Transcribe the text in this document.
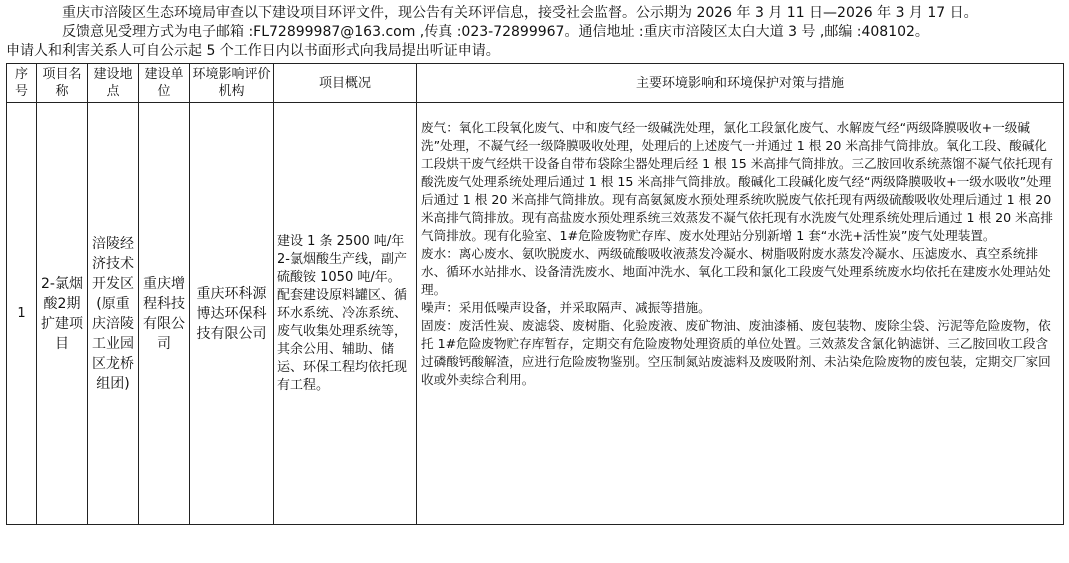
重庆市涪陵区生态环境局审查以下建设项目环评文件，现公告有关环评信息，接受社会监督。公示期为 2026 年 3 月 11 日—2026 年 3 月 17 日。

反馈意见受理方式为电子邮箱 :FL72899987@163.com ,传真 :023-72899967。通信地址 :重庆市涪陵区太白大道 3 号 ,邮编 :408102。

申请人和利害关系人可自公示起 5 个工作日内以书面形式向我局提出听证申请。

序号	项目名称	建设地点	建设单位	环境影响评价机构	项目概况	主要环境影响和环境保护对策与措施
1	2-氯烟酸2期扩建项目	涪陵经济技术开发区(原重庆涪陵工业园区龙桥组团)	重庆增程科技有限公司	重庆环科源博达环保科技有限公司	建设 1 条 2500 吨/年 2-氯烟酸生产线，副产硫酸铵 1050 吨/年。配套建设原料罐区、循环水系统、冷冻系统、废气收集处理系统等，其余公用、辅助、储运、环保工程均依托现有工程。	废气：氧化工段氧化废气、中和废气经一级碱洗处理，氯化工段氯化废气、水解废气经“两级降膜吸收+一级碱洗”处理，不凝气经一级降膜吸收处理，处理后的上述废气一并通过 1 根 20 米高排气筒排放。氧化工段、酸碱化工段烘干废气经烘干设备自带布袋除尘器处理后经 1 根 15 米高排气筒排放。三乙胺回收系统蒸馏不凝气依托现有酸洗废气处理系统处理后通过 1 根 15 米高排气筒排放。酸碱化工段碱化废气经“两级降膜吸收+一级水吸收”处理后通过 1 根 20 米高排气筒排放。现有高氨氮废水预处理系统吹脱废气依托现有两级硫酸吸收处理后通过 1 根 20 米高排气筒排放。现有高盐废水预处理系统三效蒸发不凝气依托现有水洗废气处理系统处理后通过 1 根 20 米高排气筒排放。现有化验室、1#危险废物贮存库、废水处理站分别新增 1 套“水洗+活性炭”废气处理装置。
废水：离心废水、氨吹脱废水、两级硫酸吸收液蒸发冷凝水、树脂吸附废水蒸发冷凝水、压滤废水、真空系统排水、循环水站排水、设备清洗废水、地面冲洗水、氧化工段和氯化工段废气处理系统废水均依托在建废水处理站处理。
噪声：采用低噪声设备，并采取隔声、减振等措施。
固废：废活性炭、废滤袋、废树脂、化验废液、废矿物油、废油漆桶、废包装物、废除尘袋、污泥等危险废物，依托 1#危险废物贮存库暂存，定期交有危险废物处理资质的单位处置。三效蒸发含氯化钠滤饼、三乙胺回收工段含过磷酸钙酸解渣，应进行危险废物鉴别。空压制氮站废滤料及废吸附剂、未沾染危险废物的废包装，定期交厂家回收或外卖综合利用。
